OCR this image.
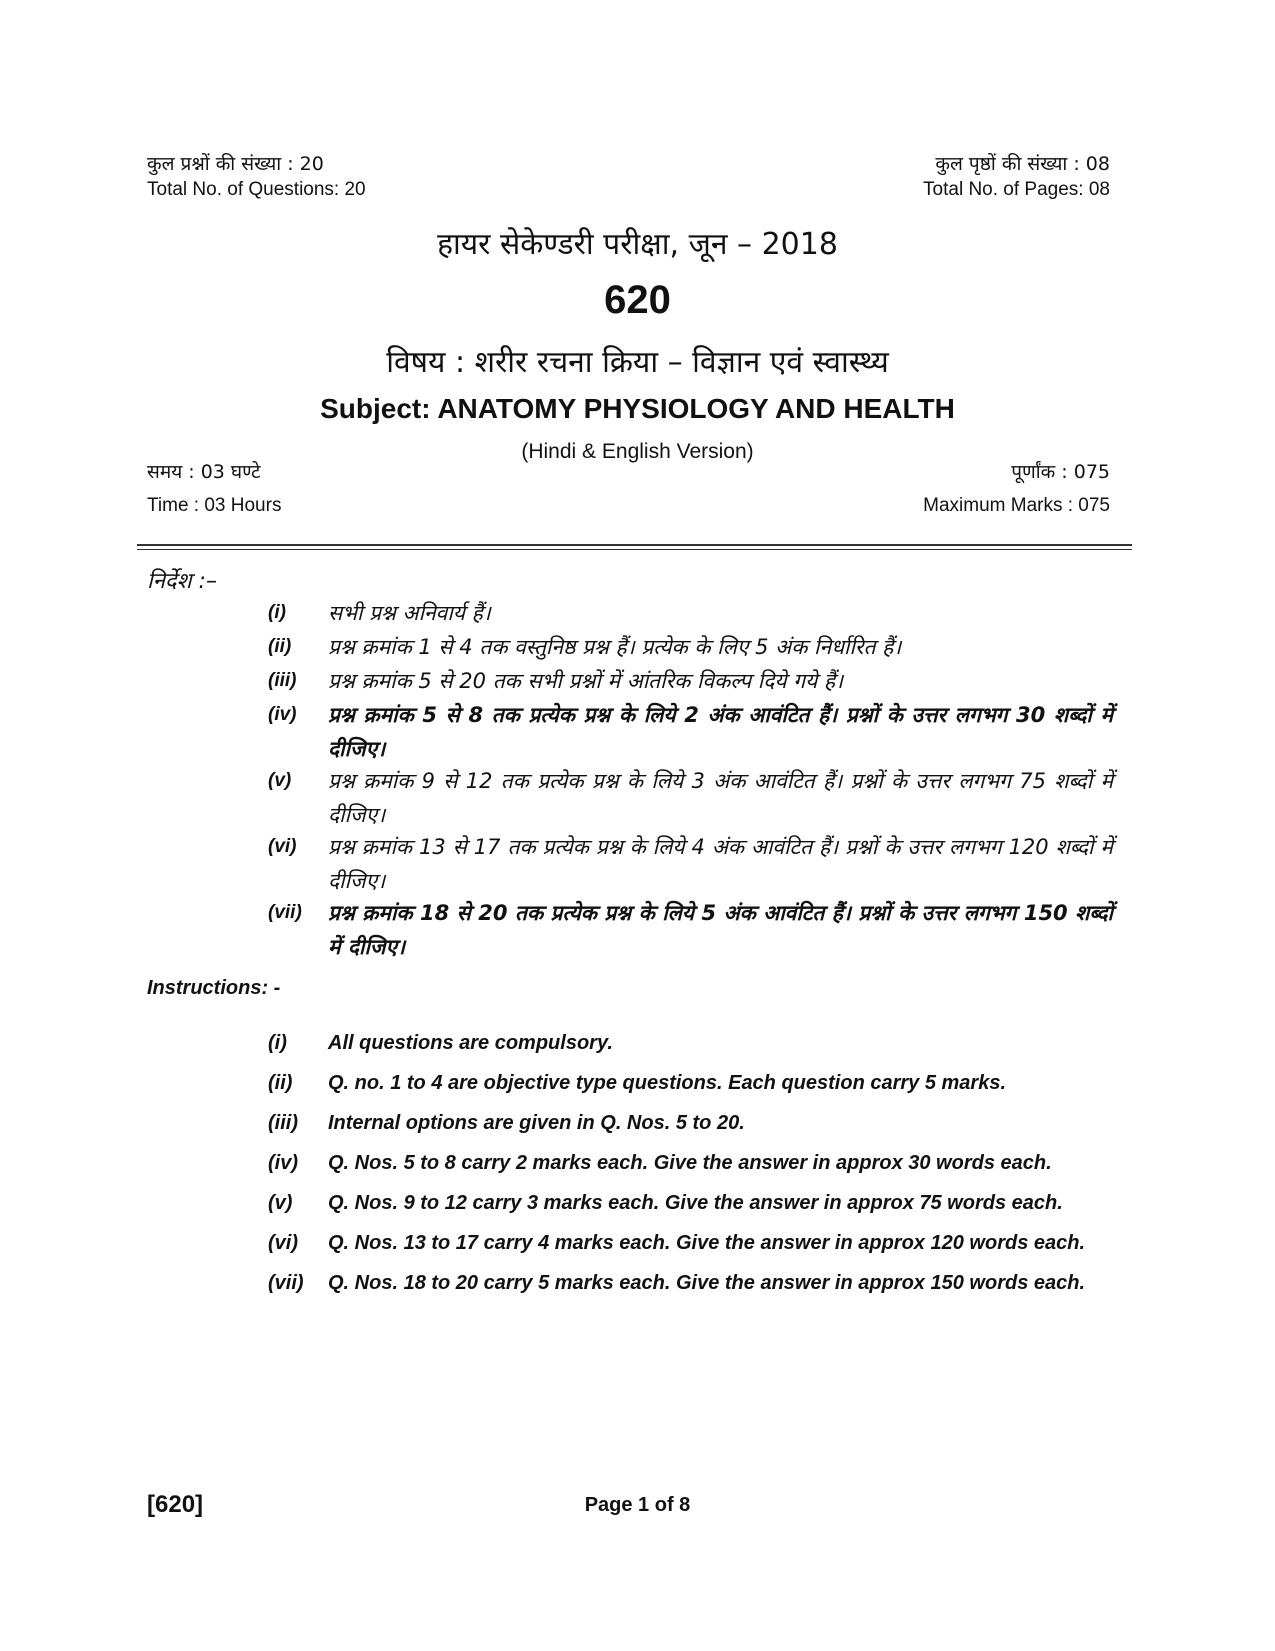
कुल प्रश्नों की संख्या : 20	कुल पृष्ठों की संख्या : 08
Total No. of Questions: 20	Total No. of Pages: 08
हायर सेकेण्डरी परीक्षा, जून – 2018
620
विषय : शरीर रचना क्रिया – विज्ञान एवं स्वास्थ्य
Subject: ANATOMY PHYSIOLOGY AND HEALTH
(Hindi & English Version)
समय : 03 घण्टे	पूर्णांक : 075
Time : 03 Hours	Maximum Marks : 075
निर्देश :–
(i) सभी प्रश्न अनिवार्य हैं।
(ii) प्रश्न क्रमांक 1 से 4 तक वस्तुनिष्ठ प्रश्न हैं। प्रत्येक के लिए 5 अंक निर्धारित हैं।
(iii) प्रश्न क्रमांक 5 से 20 तक सभी प्रश्नों में आंतरिक विकल्प दिये गये हैं।
(iv) प्रश्न क्रमांक 5 से 8 तक प्रत्येक प्रश्न के लिये 2 अंक आवंटित हैं। प्रश्नों के उत्तर लगभग 30 शब्दों में दीजिए।
(v) प्रश्न क्रमांक 9 से 12 तक प्रत्येक प्रश्न के लिये 3 अंक आवंटित हैं। प्रश्नों के उत्तर लगभग 75 शब्दों में दीजिए।
(vi) प्रश्न क्रमांक 13 से 17 तक प्रत्येक प्रश्न के लिये 4 अंक आवंटित हैं। प्रश्नों के उत्तर लगभग 120 शब्दों में दीजिए।
(vii) प्रश्न क्रमांक 18 से 20 तक प्रत्येक प्रश्न के लिये 5 अंक आवंटित हैं। प्रश्नों के उत्तर लगभग 150 शब्दों में दीजिए।
Instructions: -
(i) All questions are compulsory.
(ii) Q. no. 1 to 4 are objective type questions. Each question carry 5 marks.
(iii) Internal options are given in Q. Nos. 5 to 20.
(iv) Q. Nos. 5 to 8 carry 2 marks each. Give the answer in approx 30 words each.
(v) Q. Nos. 9 to 12 carry 3 marks each. Give the answer in approx 75 words each.
(vi) Q. Nos. 13 to 17 carry 4 marks each. Give the answer in approx 120 words each.
(vii) Q. Nos. 18 to 20 carry 5 marks each. Give the answer in approx 150 words each.
[620]	Page 1 of 8
